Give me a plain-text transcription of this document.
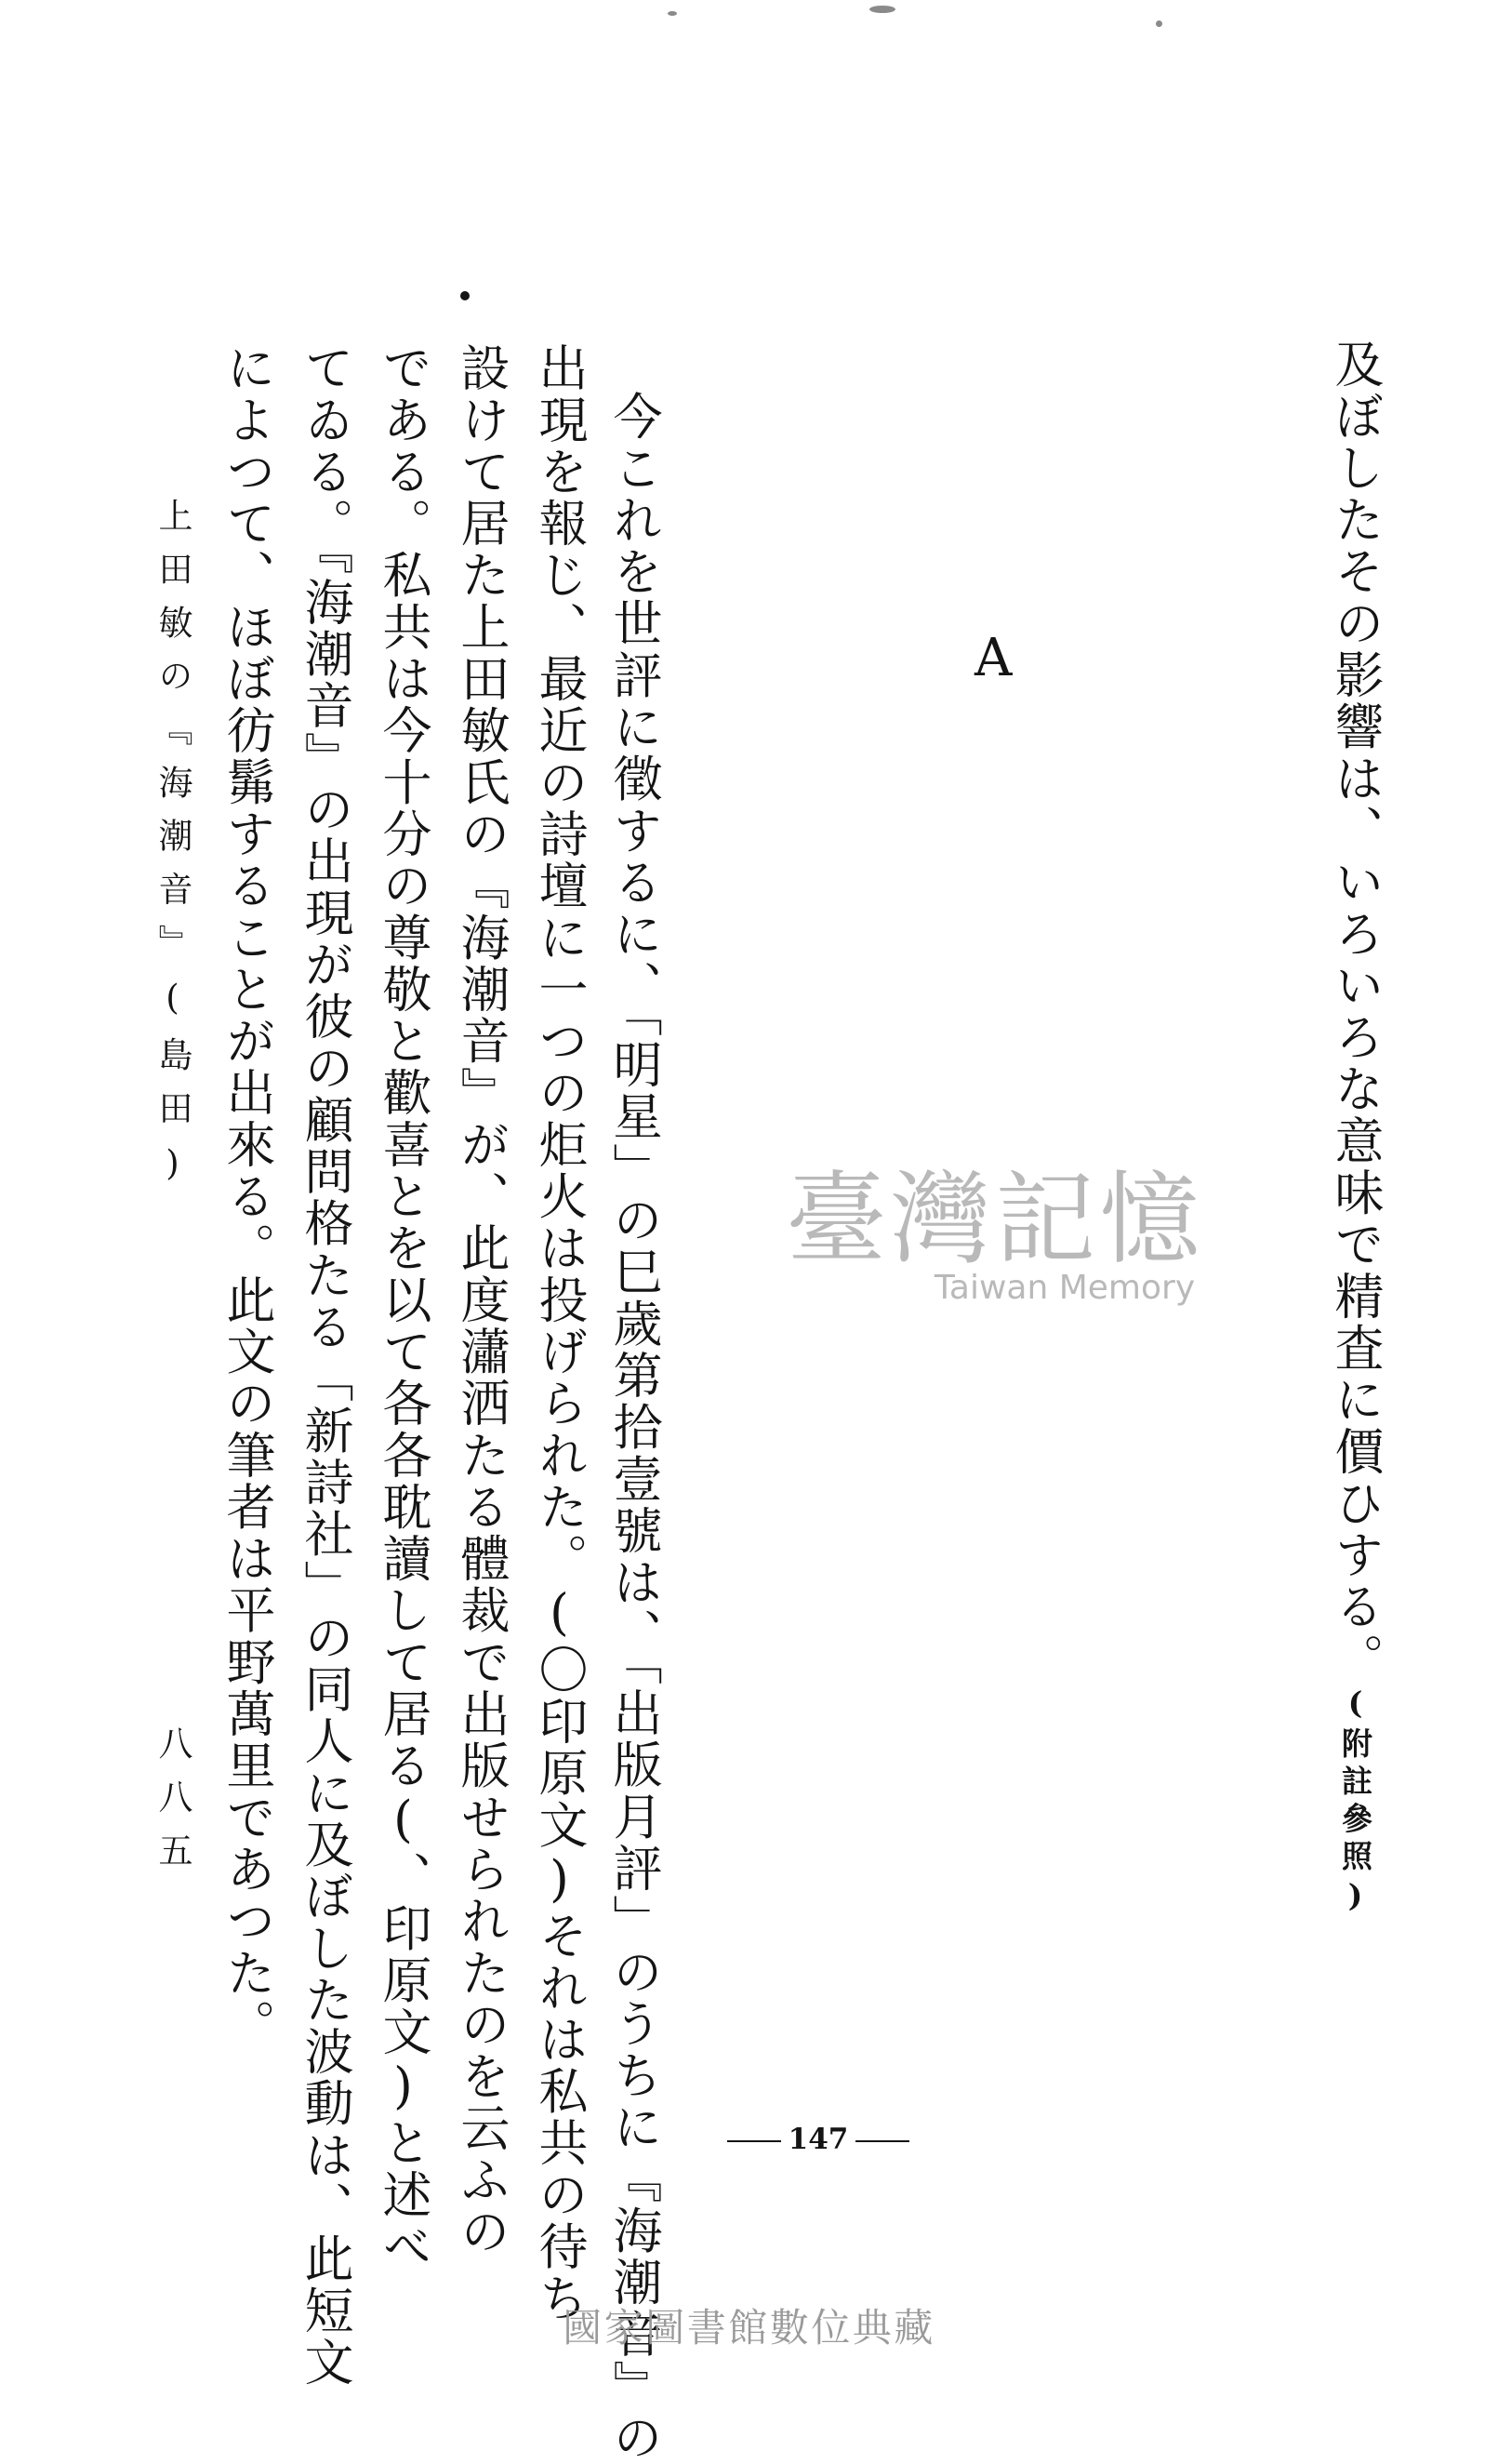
及ぼしたその影響は、いろいろな意味で精査に價ひする。(附註參照)
A
臺灣記憶
Taiwan Memory
今これを世評に徵するに、「明星」の巳歲第拾壹號は、「出版月評」のうちに『海潮音』の
出現を報じ、最近の詩壇に一つの炬火は投げられた。(〇印原文)それは私共の待ち
設けて居た上田敏氏の『海潮音』が、此度瀟洒たる體裁で出版せられたのを云ふの
である。私共は今十分の尊敬と歡喜とを以て各各耽讀して居る(、印原文)と述べ
てゐる。『海潮音』の出現が彼の顧問格たる「新詩社」の同人に及ぼした波動は、此短文
によつて、ほぼ彷髴することが出來る。此文の筆者は平野萬里であつた。
上田敏の『海潮音』(島田)
八八五
147
國家圖書館數位典藏
